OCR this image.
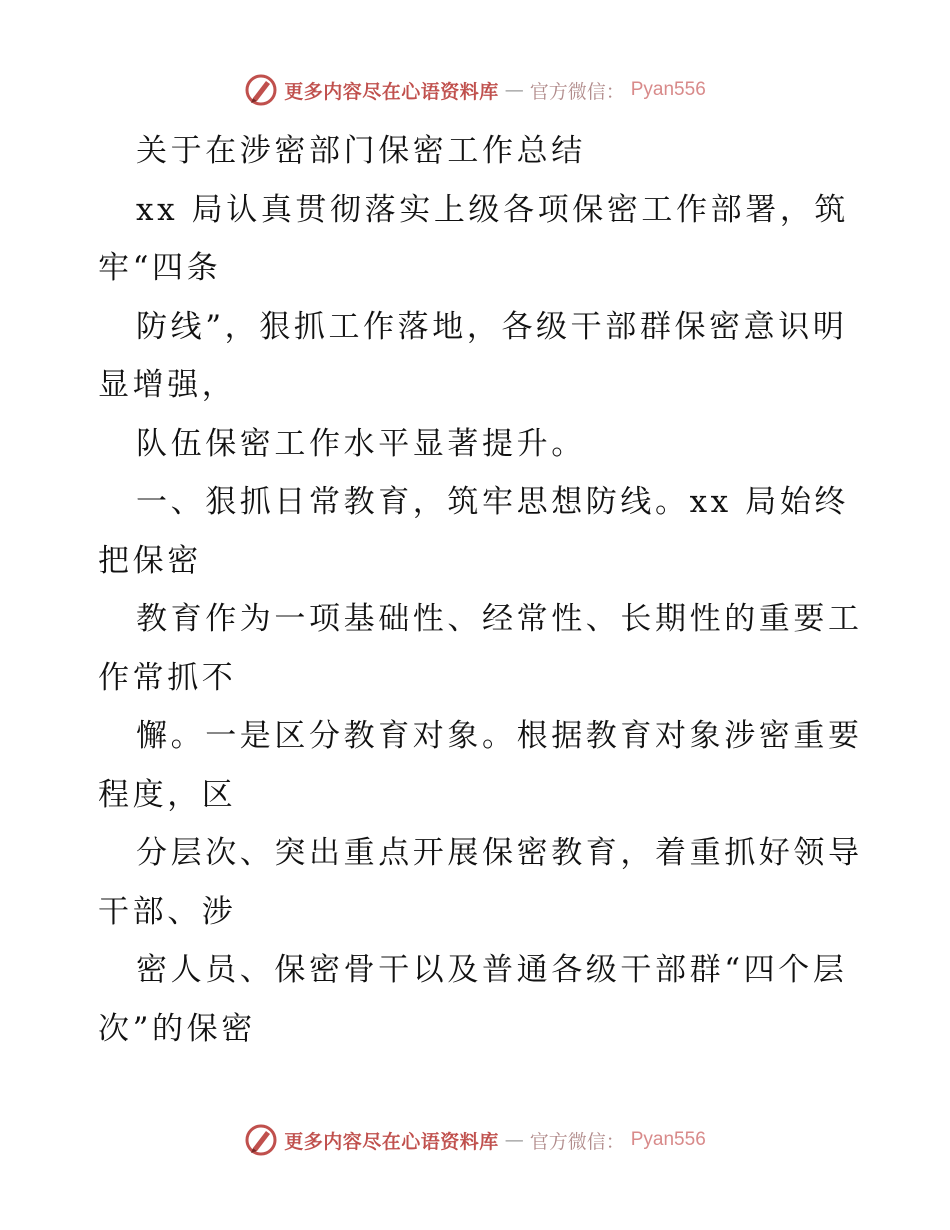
更多内容尽在心语资料库 — 官方微信： Pyan556
关于在涉密部门保密工作总结
xx 局认真贯彻落实上级各项保密工作部署，筑
牢“四条
防线”，狠抓工作落地，各级干部群保密意识明
显增强，
队伍保密工作水平显著提升。
一、狠抓日常教育，筑牢思想防线。xx 局始终
把保密
教育作为一项基础性、经常性、长期性的重要工
作常抓不
懈。一是区分教育对象。根据教育对象涉密重要
程度，区
分层次、突出重点开展保密教育，着重抓好领导
干部、涉
密人员、保密骨干以及普通各级干部群“四个层
次”的保密
更多内容尽在心语资料库 — 官方微信： Pyan556
